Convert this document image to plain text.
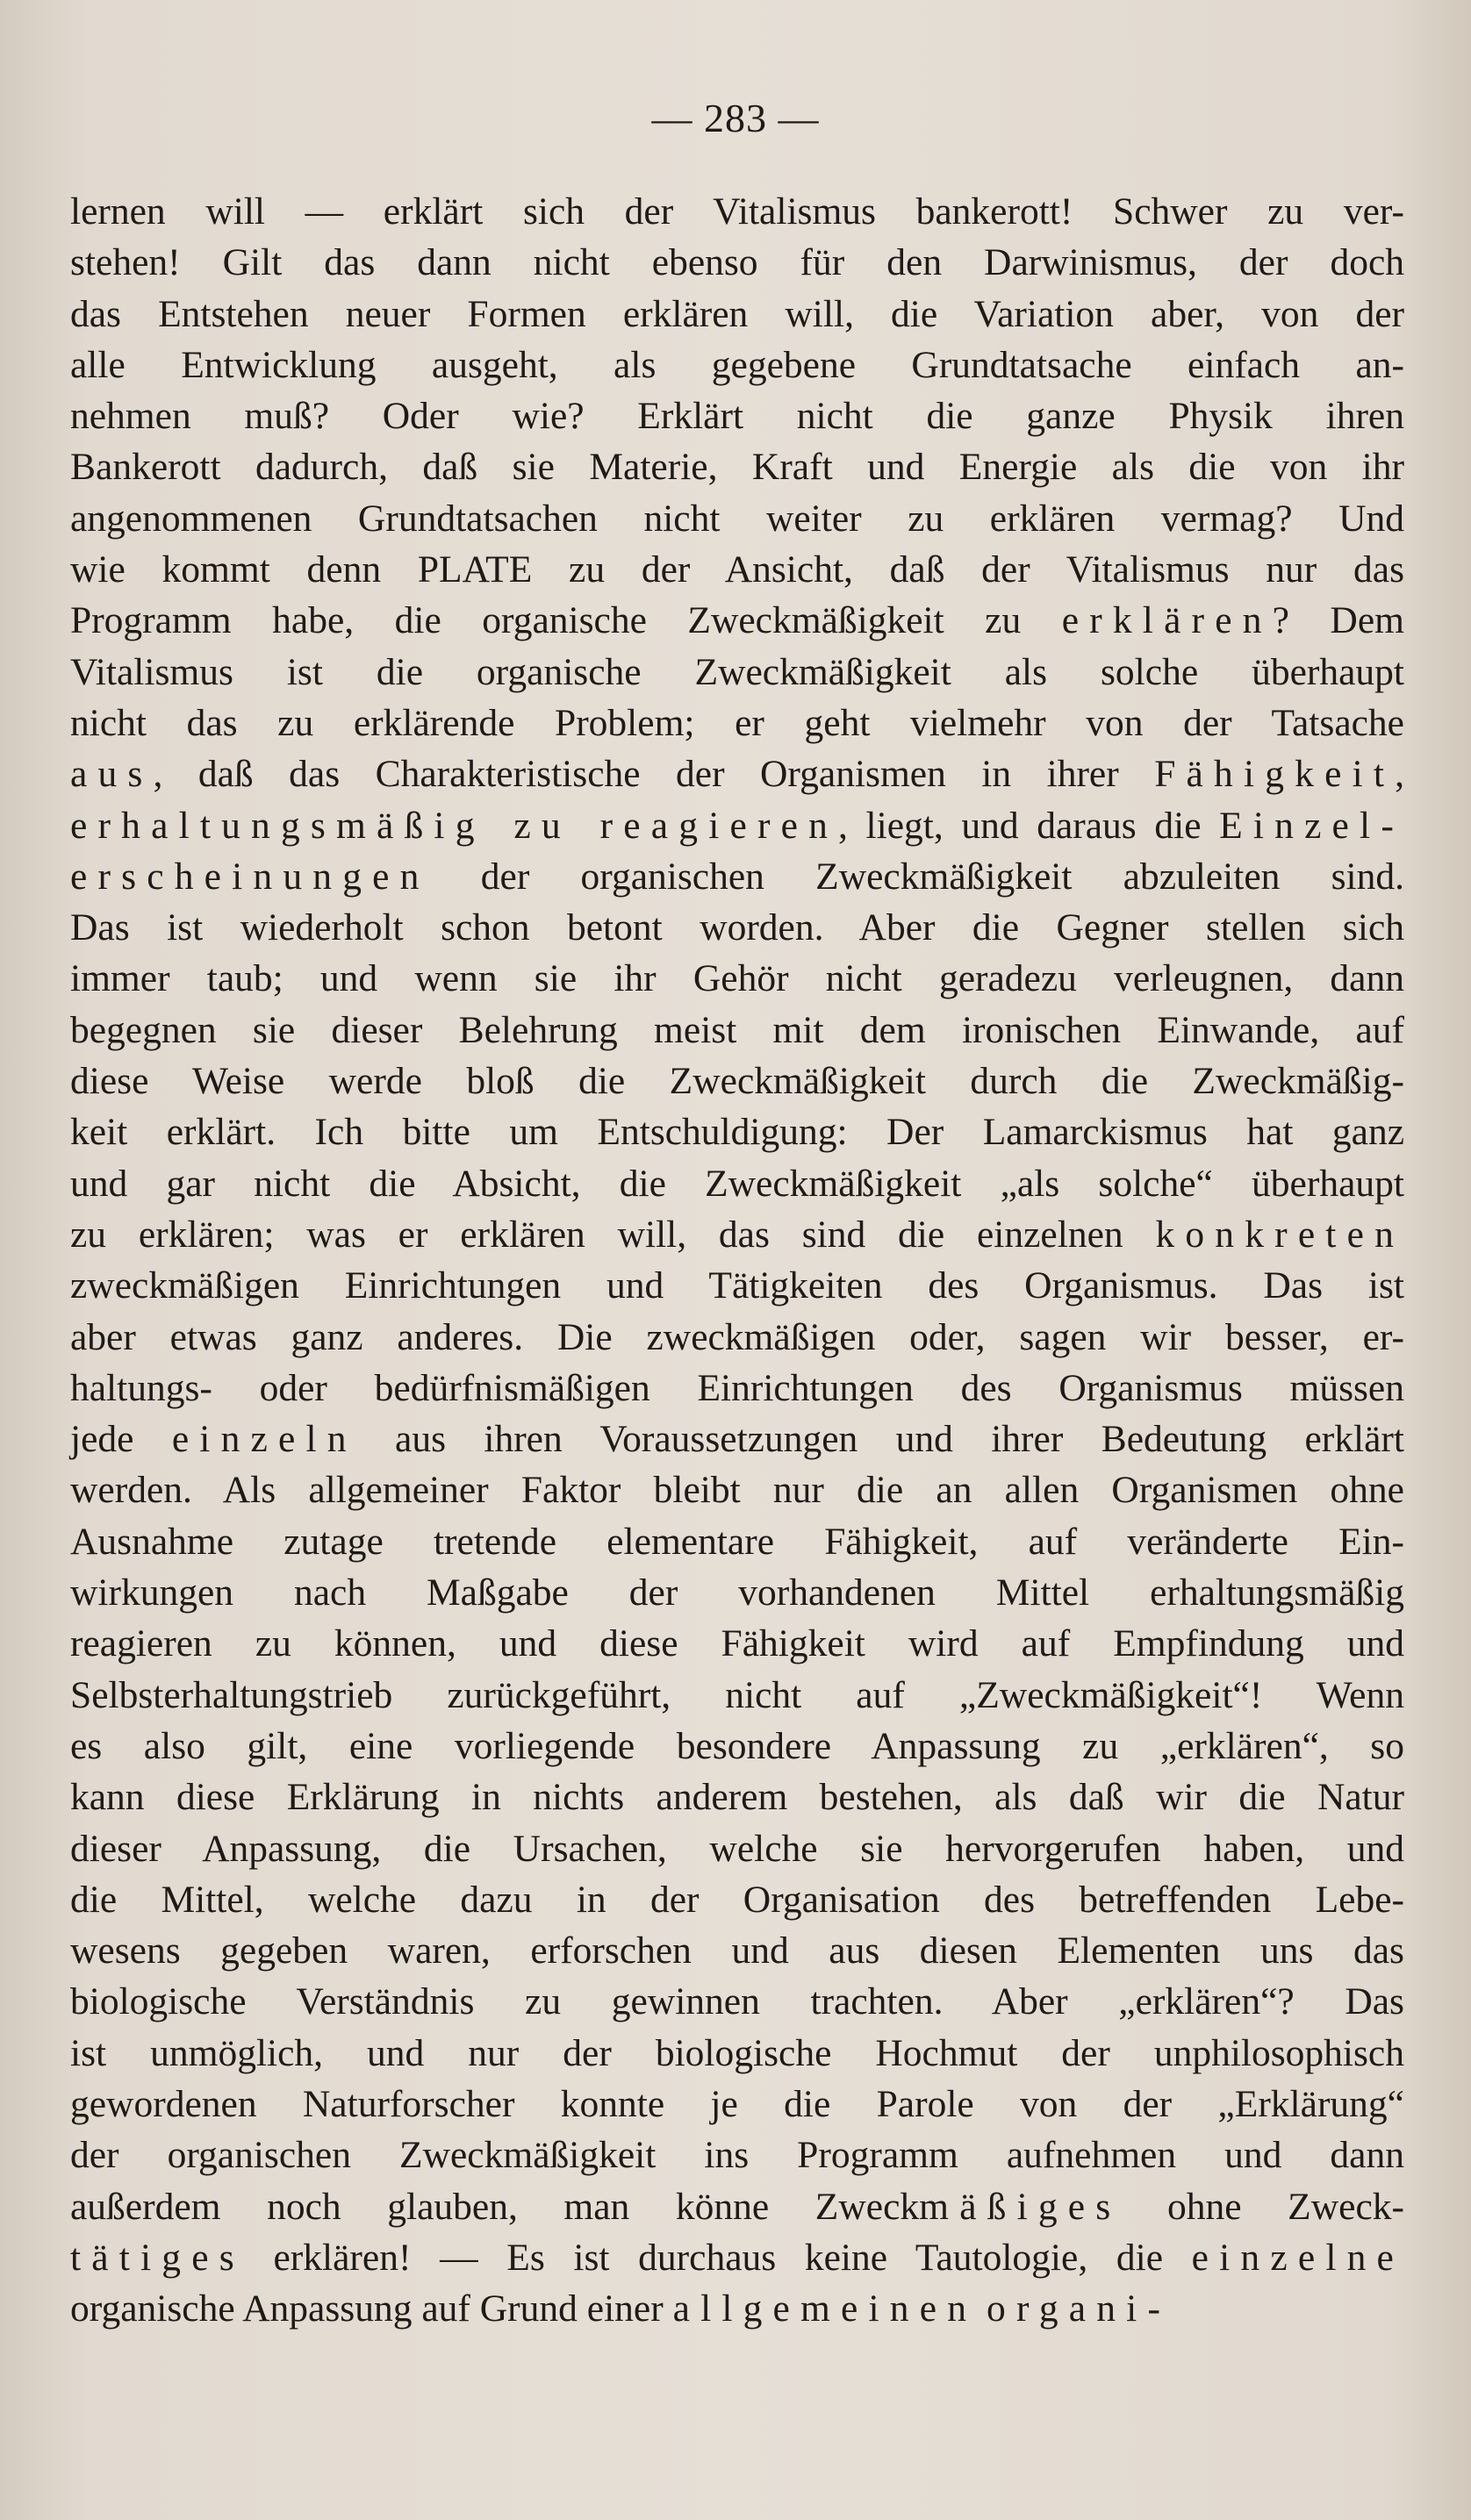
— 283 —
lernen will — erklärt sich der Vitalismus bankerott! Schwer zu ver-
stehen! Gilt das dann nicht ebenso für den Darwinismus, der doch
das Entstehen neuer Formen erklären will, die Variation aber, von der
alle Entwicklung ausgeht, als gegebene Grundtatsache einfach an-
nehmen muß? Oder wie? Erklärt nicht die ganze Physik ihren
Bankerott dadurch, daß sie Materie, Kraft und Energie als die von ihr
angenommenen Grundtatsachen nicht weiter zu erklären vermag? Und
wie kommt denn PLATE zu der Ansicht, daß der Vitalismus nur das
Programm habe, die organische Zweckmäßigkeit zu erklären? Dem
Vitalismus ist die organische Zweckmäßigkeit als solche überhaupt
nicht das zu erklärende Problem; er geht vielmehr von der Tatsache
aus, daß das Charakteristische der Organismen in ihrer Fähigkeit,
erhaltungsmäßig zu reagieren, liegt, und daraus die Einzel-
erscheinungen der organischen Zweckmäßigkeit abzuleiten sind.
Das ist wiederholt schon betont worden. Aber die Gegner stellen sich
immer taub; und wenn sie ihr Gehör nicht geradezu verleugnen, dann
begegnen sie dieser Belehrung meist mit dem ironischen Einwande, auf
diese Weise werde bloß die Zweckmäßigkeit durch die Zweckmäßig-
keit erklärt. Ich bitte um Entschuldigung: Der Lamarckismus hat ganz
und gar nicht die Absicht, die Zweckmäßigkeit „als solche“ überhaupt
zu erklären; was er erklären will, das sind die einzelnen konkreten
zweckmäßigen Einrichtungen und Tätigkeiten des Organismus. Das ist
aber etwas ganz anderes. Die zweckmäßigen oder, sagen wir besser, er-
haltungs- oder bedürfnismäßigen Einrichtungen des Organismus müssen
jede einzeln aus ihren Voraussetzungen und ihrer Bedeutung erklärt
werden. Als allgemeiner Faktor bleibt nur die an allen Organismen ohne
Ausnahme zutage tretende elementare Fähigkeit, auf veränderte Ein-
wirkungen nach Maßgabe der vorhandenen Mittel erhaltungsmäßig
reagieren zu können, und diese Fähigkeit wird auf Empfindung und
Selbsterhaltungstrieb zurückgeführt, nicht auf „Zweckmäßigkeit“! Wenn
es also gilt, eine vorliegende besondere Anpassung zu „erklären“, so
kann diese Erklärung in nichts anderem bestehen, als daß wir die Natur
dieser Anpassung, die Ursachen, welche sie hervorgerufen haben, und
die Mittel, welche dazu in der Organisation des betreffenden Lebe-
wesens gegeben waren, erforschen und aus diesen Elementen uns das
biologische Verständnis zu gewinnen trachten. Aber „erklären“? Das
ist unmöglich, und nur der biologische Hochmut der unphilosophisch
gewordenen Naturforscher konnte je die Parole von der „Erklärung“
der organischen Zweckmäßigkeit ins Programm aufnehmen und dann
außerdem noch glauben, man könne Zweckmäßiges ohne Zweck-
tätiges erklären! — Es ist durchaus keine Tautologie, die einzelne
organische Anpassung auf Grund einer allgemeinen organi-
